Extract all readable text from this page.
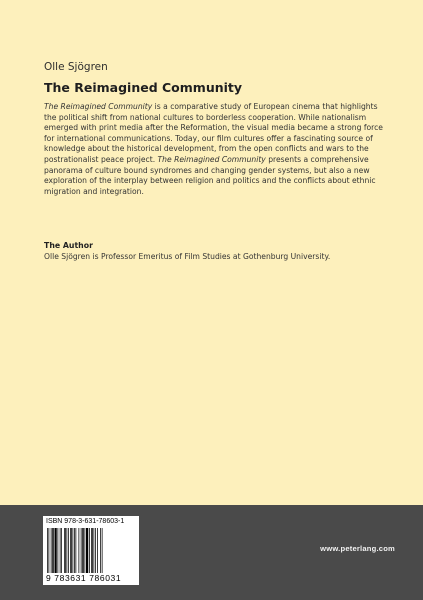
Olle Sjögren
The Reimagined Community

The Reimagined Community is a comparative study of European cinema that highlights the political shift from national cultures to borderless cooperation. While nationalism emerged with print media after the Reformation, the visual media became a strong force for international communications. Today, our film cultures offer a fascinating source of knowledge about the historical development, from the open conflicts and wars to the postrationalist peace project. The Reimagined Community presents a comprehensive panorama of culture bound syndromes and changing gender systems, but also a new exploration of the interplay between religion and politics and the conflicts about ethnic migration and integration.

The Author
Olle Sjögren is Professor Emeritus of Film Studies at Gothenburg University.
ISBN 978-3-631-78603-1
9 783631 786031
www.peterlang.com
